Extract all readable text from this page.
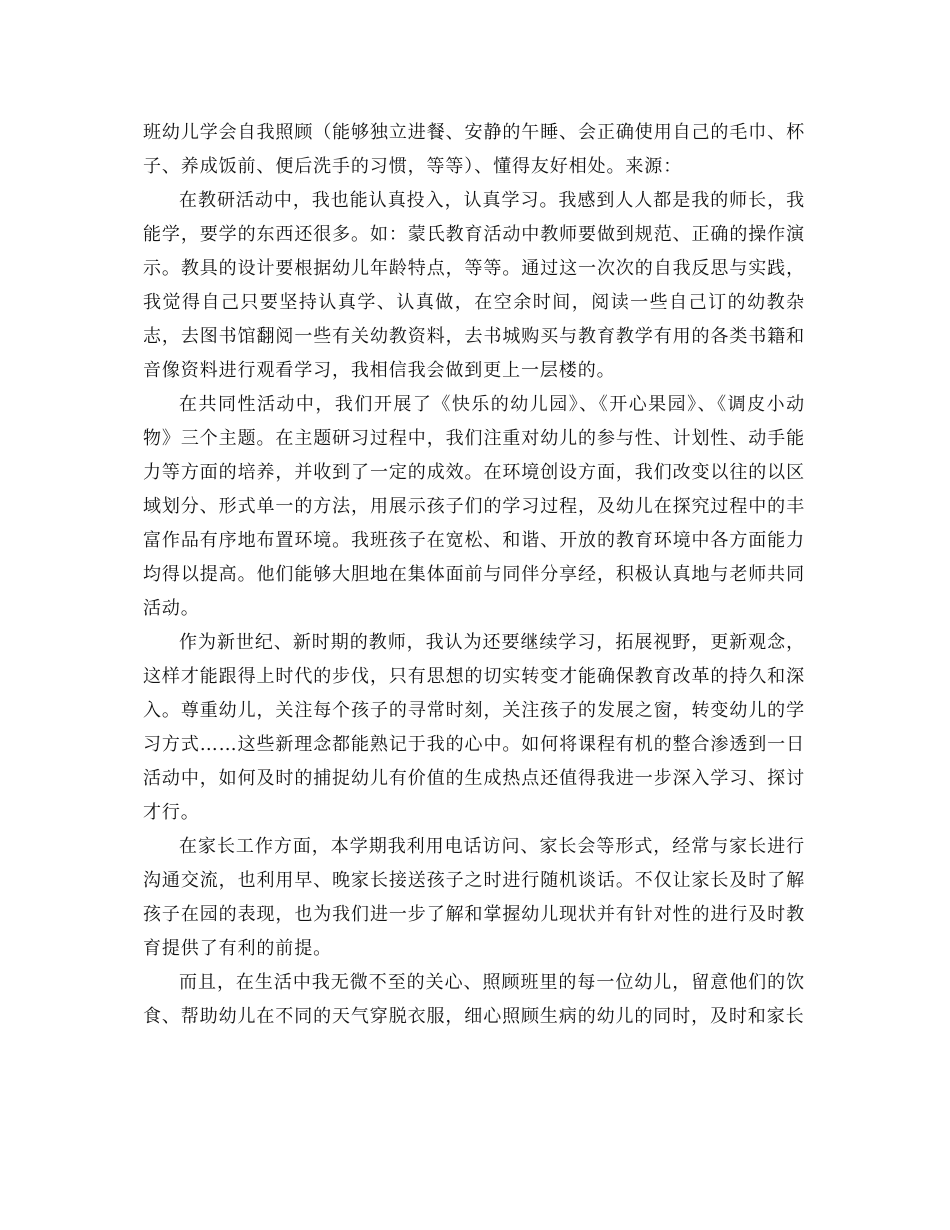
班幼儿学会自我照顾（能够独立进餐、安静的午睡、会正确使用自己的毛巾、杯子、养成饭前、便后洗手的习惯，等等）、懂得友好相处。来源：

在教研活动中，我也能认真投入，认真学习。我感到人人都是我的师长，我能学，要学的东西还很多。如：蒙氏教育活动中教师要做到规范、正确的操作演示。教具的设计要根据幼儿年龄特点，等等。通过这一次次的自我反思与实践，我觉得自己只要坚持认真学、认真做，在空余时间，阅读一些自己订的幼教杂志，去图书馆翻阅一些有关幼教资料，去书城购买与教育教学有用的各类书籍和音像资料进行观看学习，我相信我会做到更上一层楼的。

在共同性活动中，我们开展了《快乐的幼儿园》、《开心果园》、《调皮小动物》三个主题。在主题研习过程中，我们注重对幼儿的参与性、计划性、动手能力等方面的培养，并收到了一定的成效。在环境创设方面，我们改变以往的以区域划分、形式单一的方法，用展示孩子们的学习过程，及幼儿在探究过程中的丰富作品有序地布置环境。我班孩子在宽松、和谐、开放的教育环境中各方面能力均得以提高。他们能够大胆地在集体面前与同伴分享经，积极认真地与老师共同活动。

作为新世纪、新时期的教师，我认为还要继续学习，拓展视野，更新观念，这样才能跟得上时代的步伐，只有思想的切实转变才能确保教育改革的持久和深入。尊重幼儿，关注每个孩子的寻常时刻，关注孩子的发展之窗，转变幼儿的学习方式……这些新理念都能熟记于我的心中。如何将课程有机的整合渗透到一日活动中，如何及时的捕捉幼儿有价值的生成热点还值得我进一步深入学习、探讨才行。

在家长工作方面，本学期我利用电话访问、家长会等形式，经常与家长进行沟通交流，也利用早、晚家长接送孩子之时进行随机谈话。不仅让家长及时了解孩子在园的表现，也为我们进一步了解和掌握幼儿现状并有针对性的进行及时教育提供了有利的前提。

而且，在生活中我无微不至的关心、照顾班里的每一位幼儿，留意他们的饮食、帮助幼儿在不同的天气穿脱衣服，细心照顾生病的幼儿的同时，及时和家长
